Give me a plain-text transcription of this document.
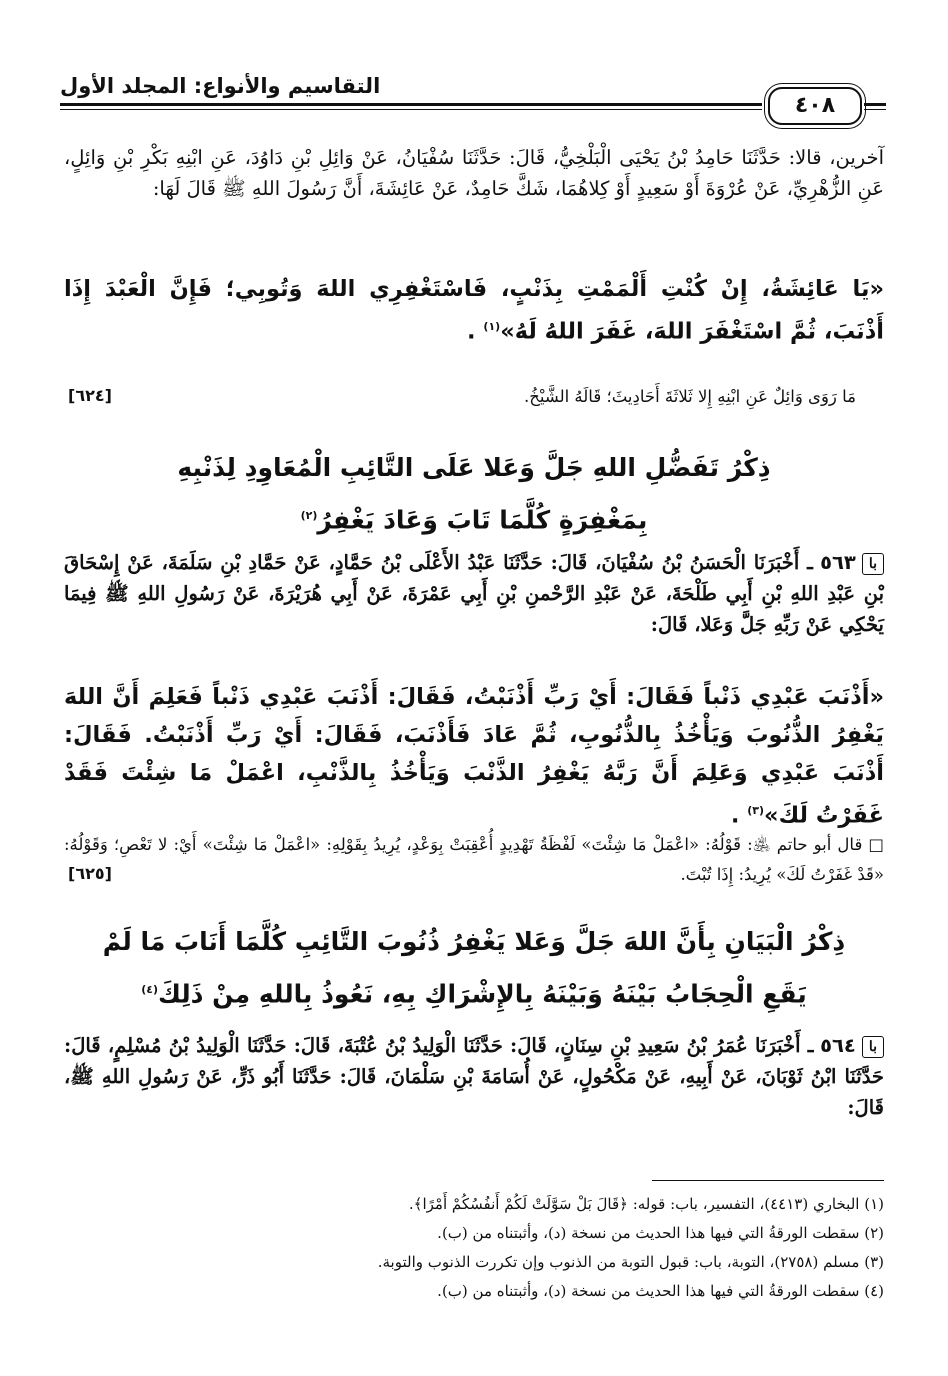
التقاسيم والأنواع: المجلد الأول
٤٠٨
آخرين، قالا: حَدَّثَنَا حَامِدُ بْنُ يَحْيَى الْبَلْخِيُّ، قَالَ: حَدَّثَنَا سُفْيَانُ، عَنْ وَائِلِ بْنِ دَاوُدَ، عَنِ ابْنِهِ بَكْرِ بْنِ وَائِلٍ، عَنِ الزُّهْرِيِّ، عَنْ عُرْوَةَ أَوْ سَعِيدٍ أَوْ كِلاهُمَا، شَكَّ حَامِدٌ، عَنْ عَائِشَةَ، أَنَّ رَسُولَ اللهِ ﷺ قَالَ لَهَا:
«يَا عَائِشَةُ، إِنْ كُنْتِ أَلْمَمْتِ بِذَنْبٍ، فَاسْتَغْفِرِي اللهَ وَتُوبِي؛ فَإِنَّ الْعَبْدَ إِذَا أَذْنَبَ، ثُمَّ اسْتَغْفَرَ اللهَ، غَفَرَ اللهُ لَهُ»$^{(١)}$ .
مَا رَوَى وَائِلٌ عَنِ ابْنِهِ إِلا ثَلاثَةَ أَحَادِيثَ؛ قَالَهُ الشَّيْخُ.
[٦٢٤]
ذِكْرُ تَفَضُّلِ اللهِ جَلَّ وَعَلا عَلَى التَّائِبِ الْمُعَاوِدِ لِذَنْبِهِ
بِمَغْفِرَةٍ كُلَّمَا تَابَ وَعَادَ يَغْفِرُ$^{(٢)}$
ﺑﺎ٥٦٣ ـ أَخْبَرَنَا الْحَسَنُ بْنُ سُفْيَانَ، قَالَ: حَدَّثَنَا عَبْدُ الأَعْلَى بْنُ حَمَّادٍ، عَنْ حَمَّادِ بْنِ سَلَمَةَ، عَنْ إِسْحَاقَ بْنِ عَبْدِ اللهِ بْنِ أَبِي طَلْحَةَ، عَنْ عَبْدِ الرَّحْمنِ بْنِ أَبِي عَمْرَةَ، عَنْ أَبِي هُرَيْرَةَ، عَنْ رَسُولِ اللهِ ﷺ فِيمَا يَحْكِي عَنْ رَبِّهِ جَلَّ وَعَلا، قَالَ:
«أَذْنَبَ عَبْدِي ذَنْباً فَقَالَ: أَيْ رَبِّ أَذْنَبْتُ، فَقَالَ: أَذْنَبَ عَبْدِي ذَنْباً فَعَلِمَ أَنَّ اللهَ يَغْفِرُ الذُّنُوبَ وَيَأْخُذُ بِالذُّنُوبِ، ثُمَّ عَادَ فَأَذْنَبَ، فَقَالَ: أَيْ رَبِّ أَذْنَبْتُ. فَقَالَ: أَذْنَبَ عَبْدِي وَعَلِمَ أَنَّ رَبَّهُ يَغْفِرُ الذَّنْبَ وَيَأْخُذُ بِالذَّنْبِ، اعْمَلْ مَا شِئْتَ فَقَدْ غَفَرْتُ لَكَ»$^{(٣)}$ .
□ قال أبو حاتم ﵁: قَوْلُهُ: «اعْمَلْ مَا شِئْتَ» لَفْظَةُ تَهْدِيدٍ أُعْقِبَتْ بِوَعْدٍ، يُرِيدُ بِقَوْلِهِ: «اعْمَلْ مَا شِئْتَ» أَيْ: لا تَعْصِ؛ وَقَوْلُهُ: «قَدْ غَفَرْتُ لَكَ» يُرِيدُ: إِذَا تُبْتَ.
[٦٢٥]
ذِكْرُ الْبَيَانِ بِأَنَّ اللهَ جَلَّ وَعَلا يَغْفِرُ ذُنُوبَ التَّائِبِ كُلَّمَا أَنَابَ مَا لَمْ
يَقَعِ الْحِجَابُ بَيْنَهُ وَبَيْنَهُ بِالإِشْرَاكِ بِهِ، نَعُوذُ بِاللهِ مِنْ ذَلِكَ$^{(٤)}$
ﺑﺎ٥٦٤ ـ أَخْبَرَنَا عُمَرُ بْنُ سَعِيدِ بْنِ سِنَانٍ، قَالَ: حَدَّثَنَا الْوَلِيدُ بْنُ عُتْبَةَ، قَالَ: حَدَّثَنَا الْوَلِيدُ بْنُ مُسْلِمٍ، قَالَ: حَدَّثَنَا ابْنُ ثَوْبَانَ، عَنْ أَبِيهِ، عَنْ مَكْحُولٍ، عَنْ أُسَامَةَ بْنِ سَلْمَانَ، قَالَ: حَدَّثَنَا أَبُو ذَرٍّ، عَنْ رَسُولِ اللهِ ﷺ، قَالَ:
(١) البخاري (٤٤١٣)، التفسير، باب: قوله: ﴿قَالَ بَلْ سَوَّلَتْ لَكُمْ أَنفُسُكُمْ أَمْرًا﴾.
(٢) سقطت الورقةُ التي فيها هذا الحديث من نسخة (د)، وأثبتناه من (ب).
(٣) مسلم (٢٧٥٨)، التوبة، باب: قبول التوبة من الذنوب وإن تكررت الذنوب والتوبة.
(٤) سقطت الورقةُ التي فيها هذا الحديث من نسخة (د)، وأثبتناه من (ب).
